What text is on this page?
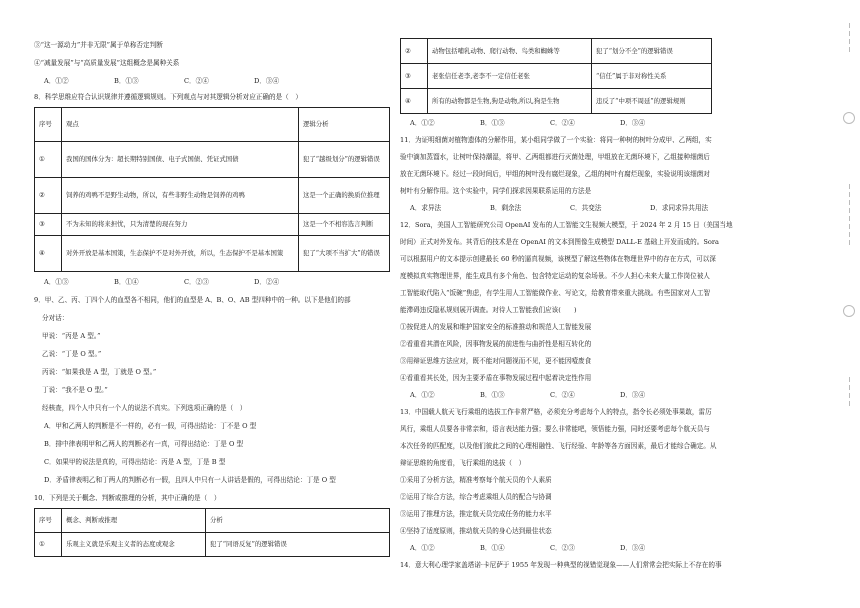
③“这一源动力”并非无限”属于单称否定判断
④“减量发展”与“高质量发展”这组概念是属种关系
A．①②	B．①③	C．②④	D．③④
8．科学思维应符合认识规律并遵循逻辑规则。下列观点与对其逻辑分析对应正确的是（　）
序号	观点	逻辑分析
①	我国的国体分为：超长期特别国债、电子式国债、凭证式国债	犯了“越级划分”的逻辑错误
②	饲养的鸡鸭不是野生动物，所以，有些非野生动物是饲养的鸡鸭	这是一个正确的换质位推理
③	不为未知的将来担忧，只为清楚的现在努力	这是一个不相容选言判断
④	对外开放是基本国策，生态保护不是对外开放，所以，生态保护不是基本国策	犯了“大项不当扩大”的错误
A．①③	B．①④	C．②③	D．②④
9．甲、乙、丙、丁四个人的血型各不相同，他们的血型是 A、B、O、AB 型四种中的一种。以下是他们的部
分对话：
甲说：“丙是 A 型。”
乙说：“丁是 O 型。”
丙说：“如果我是 A 型，丁就是 O 型。”
丁说：“我不是 O 型。”
经核查，四个人中只有一个人的说法不真实。下列选项正确的是（　）
A．甲和乙两人的判断是不一样的，必有一假，可得出结论：丁不是 O 型
B．排中律表明甲和乙两人的判断必有一真，可得出结论：丁是 O 型
C．如果甲的说法是真的，可得出结论：丙是 A 型，丁是 B 型
D．矛盾律表明乙和丁两人的判断必有一假，且四人中只有一人讲话是假的，可得出结论：丁是 O 型
10．下列是关于概念、判断或推理的分析，其中正确的是（　）
序号	概念、判断或推理	分析
①	乐观主义就是乐观主义者的态度或观念	犯了“同语反复”的逻辑错误
②	动物包括哺乳动物、爬行动物、鸟类和蜘蛛等	犯了“划分不全”的逻辑错误
③	老张信任老李,老李不一定信任老张	“信任”属于非对称性关系
④	所有的动物都是生物,狗是动物,所以,狗是生物	违反了“中项不周延”的逻辑规则
A．①②	B．①③	C．②④	D．③④
11．为证明细菌对植物遗体的分解作用，某小组同学做了一个实验：将同一种树的树叶分成甲、乙两组，实
验中滴加蒸馏水，让树叶保持潮湿，将甲、乙两组都进行灭菌处理，甲组放在无菌环境下，乙组接种细菌后
放在无菌环境下。经过一段时间后，甲组的树叶没有腐烂现象，乙组的树叶有腐烂现象，实验说明该细菌对
树叶有分解作用。这个实验中，同学们探求因果联系运用的方法是
A．求异法	B．剩余法	C．共变法	D．求同求异共用法
12．Sora，美国人工智能研究公司 OpenAI 发布的人工智能文生视频大模型，于 2024 年 2 月 15 日（美国当地
时间）正式对外发布。其背后的技术是在 OpenAI 的文本到图像生成模型 DALL-E 基础上开发而成的。Sora
可以根据用户的文本提示创建最长 60 秒的逼真视频，该模型了解这些物体在物理世界中的存在方式，可以深
度模拟真实物理世界，能生成具有多个角色、包含特定运动的复杂场景。不少人担心未来大量工作岗位被人
工智能取代陷入“饭碗”焦虑，有学生用人工智能做作业、写论文，给教育带来重大挑战。有些国家对人工智
能滞碍违反隐私规则展开调查。对待人工智能我们应该(　　)
①按促进人的发展和维护国家安全的标准推动和规范人工智能发展
②看重看其潜在风险，因事物发展的前进性与曲折性是相互转化的
③用辩证思维方法应对，既不能对问题视而不见，更不能因噎废食
④看重看其长处，因为主要矛盾在事物发展过程中起着决定性作用
A．①②	B．①③	C．②④	D．③④
13．中国载人航天飞行乘组的选拔工作非常严格，必须充分考虑每个人的特点，指令长必须处事果敢，雷厉
风行，乘组人员要各非常亲和，语言表达能力强；要么非常能吧，领悟能力强，同时还要考虑每个航天员与
本次任务的匹配度，以及他们彼此之间的心理相融性、飞行经验、年龄等各方面因素，最后才能综合确定。从
辩证思维的角度看，飞行乘组的选拔（　）
①采用了分析方法，精准考察每个航天员的个人素质
②运用了综合方法，综合考虑乘组人员的配合与协调
③运用了推理方法，推定航天员完成任务的能力水平
④坚持了适度原则，推动航天员的身心达到最佳状态
A．①②	B．①④	C．②③	D．③④
14．意大利心理学家盖塔诺·卡尼萨于 1955 年发现一种典型的视错觉现象——人们常常会把实际上不存在的事
